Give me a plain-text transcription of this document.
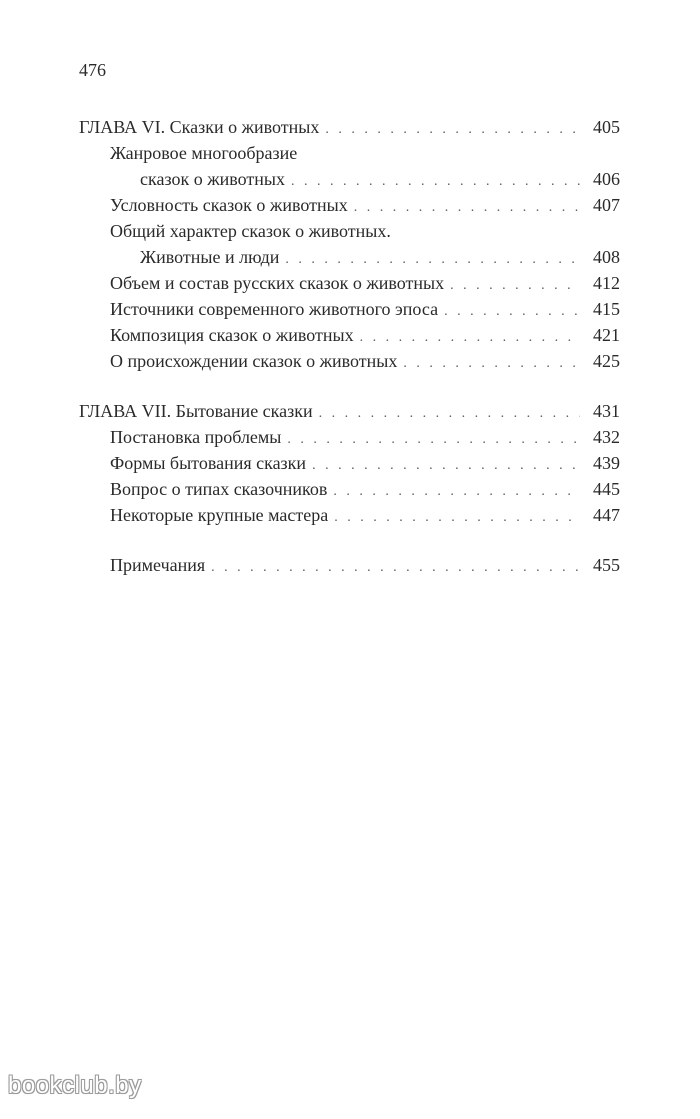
476
ГЛАВА VI. Сказки о животных . . .	405
Жанровое многообразие
сказок о животных . . .	406
Условность сказок о животных . . .	407
Общий характер сказок о животных.
Животные и люди . . .	408
Объем и состав русских сказок о животных . . .	412
Источники современного животного эпоса . . .	415
Композиция сказок о животных . . .	421
О происхождении сказок о животных . . .	425
ГЛАВА VII. Бытование сказки . . .	431
Постановка проблемы . . .	432
Формы бытования сказки . . .	439
Вопрос о типах сказочников . . .	445
Некоторые крупные мастера . . .	447
Примечания . . .	455
bookclub.by
